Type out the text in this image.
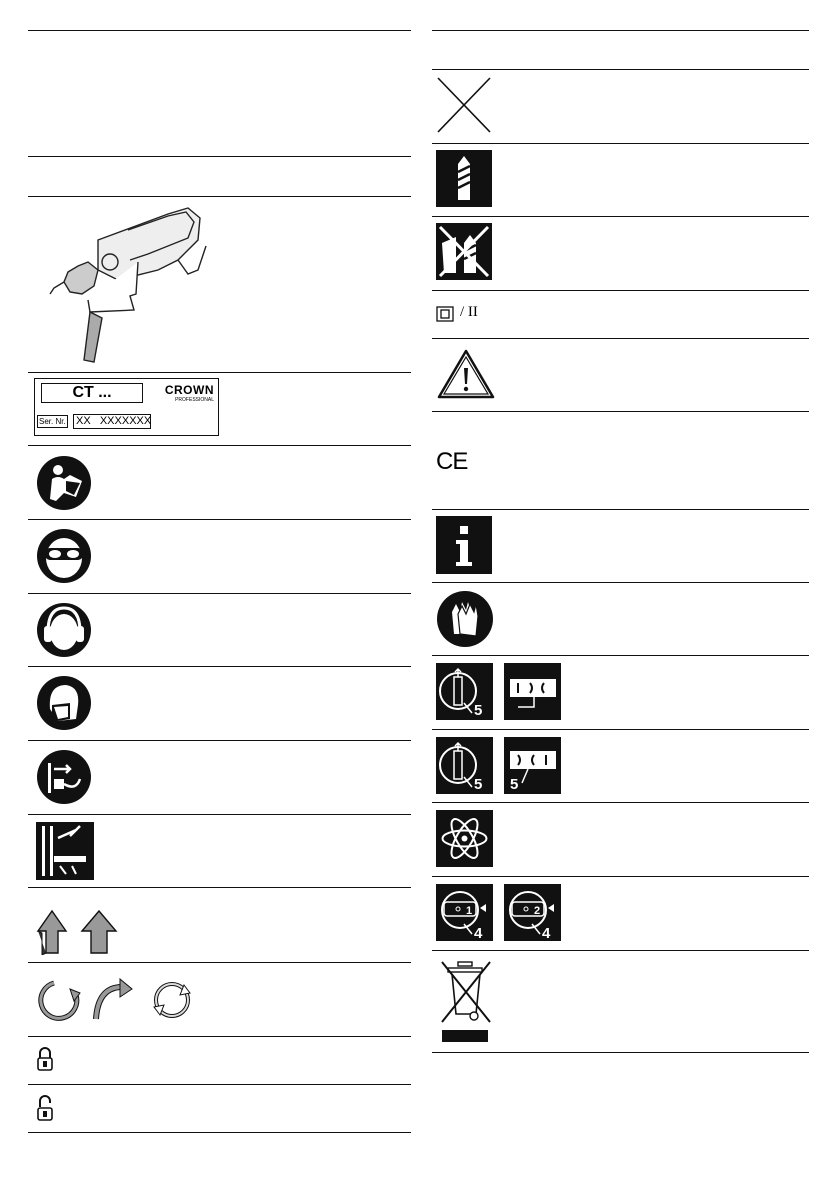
CT ...	CROWN
PROFESSIONAL
Ser. Nr. XX   XXXXXXX
/ II
CE
5
5 5
1
4
2
4
